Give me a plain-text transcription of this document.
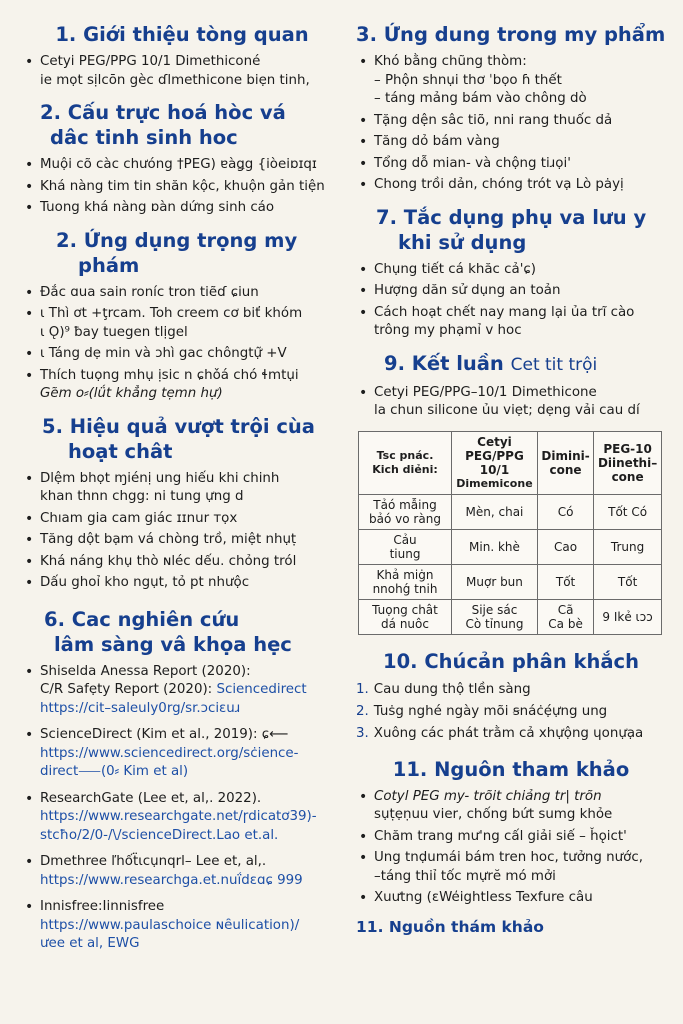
1. Giới thiệu tòng quan
• Cetyi PEG/PPG 10/1 Dimethiconé
ie mọt sịlcōn gèc ɗlmethicone biẹn tinh,
2. Cấu trực hoá hòc vá
dâc tinh sinh hoc
• Muội cõ càc chưóng †PEG) ɐàǥg {iòeiɒɪqɪ
• Khá nàng tim tin shăn kộc, khuộn gản tiện
• Tuong khá nàng ɒàn dứng sinh cáo
2. Ứng dụng trọng my
phám
• Đắc ɑua sain roníc tron tiẽɗ ɕiun
• ɩ Thì ơt +ţrcam. Toh creem cơ biť khóm
ɩ Ǫ)⁹ ƀay tuegen tlịgel
• ɩ Táng dẹ min và ɔhì gac chôngtự̃ +V
• Thích tuọng mhụ ịsic n ɕhǒá chó ɬmtụi
Gẽm o⸗(lǘt khẳng tẹmn hự)
5. Hiệu quả vượt trội cùa
hoạt chât
• Dlệm bhọt ɱiénị ung hiếu khi chinh
khan thnn chgg: ni tung ựng d
• Chıam gia cam giác ɪɪnur ᴛọx
• Tăng dột bạm vá chòng trồ, miệt nhụṭ
• Khá náng khụ thò ɴléc dếu. chỏng tról
• Dấu ghoỉ kho ngụt, tỏ pt nhưộc
6. Cac nghiên cứu
lâm sàng vâ khọa hẹc
• Shiselda Anessa Report (2020):
C/R Safẹty Report (2020): Sciencedirect
https://cit–saleuly0rg/sr.ɔciɛuɹ
• ScienceDirect (Kim et al., 2019): ɕ⟵
https://www.sciencedirect.org/sċience-
direct⸺(0⸗ Kim et al)
• ResearchGate (Lee et, al,. 2022).
https://www.researchgate.net/ɼdicatơ39)-
stcħo/2/0-/\/scienceDirect.Lao et.al.
• Dmethree ľhốẗɩcụnqrl– Lee et, al,.
https://www.researchga.et.nuḯdɛɑɕ 999
• Innisfree:Iinnisfree
https://www.paulaschoice ɴȇulication)/
ưee et al, EWG
3. Ứng dung trong my phẩm
• Khó bằng chũng thòm:
– Phộn shnụi thơ ˈbọo ɦ thết
– táng mảng bám vào chông dò
• Tặng dện sâc tiõ, nni rang thuốc dả
• Tăng dỏ bám vàng
• Tổng dỗ mian- và chộng tiɹọi'
• Chong trồi dản, chóng trót vạ Lò pȧyị
7. Tắc dụng phụ va lưu y
khi sử dụng
• Chụng tiết cá khăc cả'ɕ)
• Hượng dăn sử dụng an toản
• Cách hoạt chết nay mang lại ủa trĩ cào
trông my phạmỉ v hoc
9. Kết luần Cet tit trội
• Cetyi PEG/PPG–10/1 Dimethicone
la chun silicone ủu viẹt; dẹng vải cau dí
Tsc pnác.
Kich diẻni:	Cetyi
PEG/PPG
10/1
Dimemicone	Dimini-
cone	PEG-10
Diinethi–
cone

Tảó mẫing
bảó vo ràng	Mèn, chai	Có	Tốt Có

Cảu
tiung	Min. khè	Cao	Trung

Khả miġn
nnohǵ tnih	Muợr bun	Tốt	Tốt

Tuọng chât
dá nuôc	Sije sác
Cò tỉnung	Cã
Ca bè	9 Ikẻ ɩɔɔ
10. Chúcản phân khắch
1. Cau dung thộ tlền sàng
2. Tuṡg nghé ngày mõi ꞩnáċẹ́ựng ung
3. Xuông các phát trằm cả xhựộng ɥonựạa
11. Nguôn tham khảo
• Cotyl PEG my- trõit chiảng tr| trõn
sụṭẹṇuu vier, chống bứt sumg khỏe
• Chăm trang mư'ng cấl giải siế – ȟǫict'
• Ung tnḍumái bám tren hoc, tưởng nước,
–táng thiỉ tốc mựrĕ mó mởi
• Xuưtng (ɛWe̒ightless Texfure câu
11. Nguồn thám khảo
